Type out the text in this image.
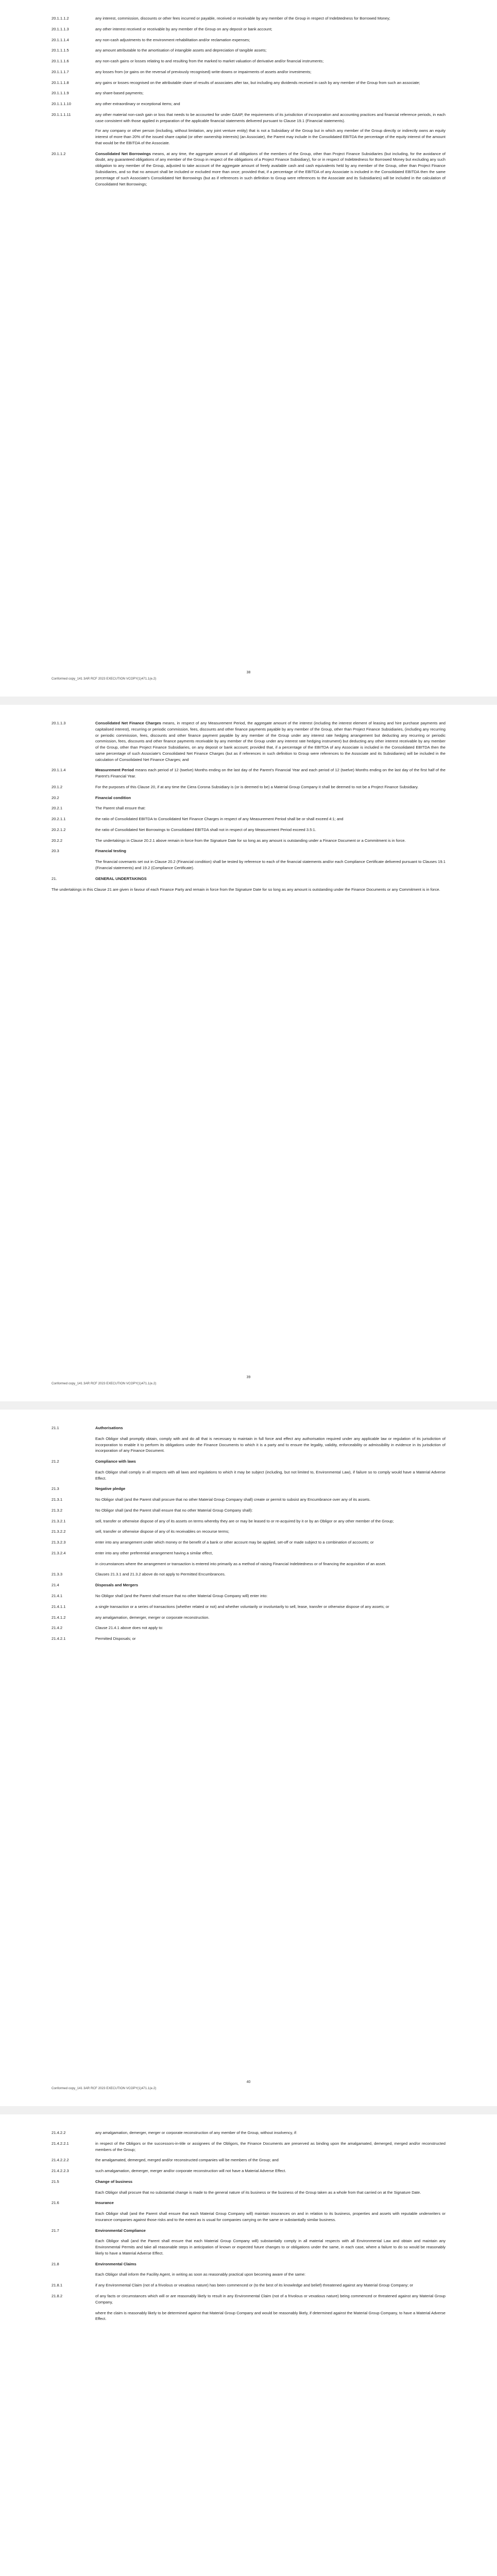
20.1.1.1.2	any interest, commission, discounts or other fees incurred or payable, received or receivable by any member of the Group in respect of Indebtedness for Borrowed Money;
20.1.1.1.3	any other interest received or receivable by any member of the Group on any deposit or bank account;
20.1.1.1.4	any non-cash adjustments to the environment rehabilitation and/or reclamation expenses;
20.1.1.1.5	any amount attributable to the amortisation of intangible assets and depreciation of tangible assets;
20.1.1.1.6	any non-cash gains or losses relating to and resulting from the marked to market valuation of derivative and/or financial instruments;
20.1.1.1.7	any losses from (or gains on the reversal of previously recognised) write-downs or impairments of assets and/or investments;
20.1.1.1.8	any gains or losses recognised on the attributable share of results of associates after tax, but including any dividends received in cash by any member of the Group from such an associate;
20.1.1.1.9	any share-based payments;
20.1.1.1.10	any other extraordinary or exceptional items; and
20.1.1.1.11	any other material non-cash gain or loss that needs to be accounted for under GAAP, the requirements of its jurisdiction of incorporation and accounting practices and financial reference periods, in each case consistent with those applied in preparation of the applicable financial statements delivered pursuant to Clause 19.1 (Financial statements).

For any company or other person (including, without limitation, any joint venture entity) that is not a Subsidiary of the Group but in which any member of the Group directly or indirectly owns an equity interest of more than 20% of the issued share capital (or other ownership interests) (an Associate), the Parent may include in the Consolidated EBITDA the percentage of the equity interest of the amount that would be the EBITDA of the Associate.

20.1.1.2	Consolidated Net Borrowings means, at any time, the aggregate amount of all obligations of the members of the Group, other than Project Finance Subsidiaries (but including, for the avoidance of doubt, any guaranteed obligations of any member of the Group in respect of the obligations of a Project Finance Subsidiary), for or in respect of Indebtedness for Borrowed Money but excluding any such obligation to any member of the Group, adjusted to take account of the aggregate amount of freely available cash and cash equivalents held by any member of the Group, other than Project Finance Subsidiaries, and so that no amount shall be included or excluded more than once; provided that, if a percentage of the EBITDA of any Associate is included in the Consolidated EBITDA then the same percentage of such Associate's Consolidated Net Borrowings (but as if references in such definition to Group were references to the Associate and its Subsidiaries) will be included in the calculation of Consolidated Net Borrowings;
38
Conformed copy_141 3AR RCF 2023 EXECUTION VCOPY(1)471.1(e.2)
20.1.1.3	Consolidated Net Finance Charges means, in respect of any Measurement Period, the aggregate amount of the interest (including the interest element of leasing and hire purchase payments and capitalised interest), recurring or periodic commission, fees, discounts and other finance payments payable by any member of the Group, other than Project Finance Subsidiaries, (including any recurring or periodic commission, fees, discounts and other finance payment payable by any member of the Group under any interest rate hedging arrangement but deducting any recurring or periodic commission, fees, discounts and other finance payments receivable by any member of the Group under any interest rate hedging instrument) but deducting any other interest receivable by any member of the Group, other than Project Finance Subsidiaries, on any deposit or bank account; provided that, if a percentage of the EBITDA of any Associate is included in the Consolidated EBITDA then the same percentage of such Associate's Consolidated Net Finance Charges (but as if references in such definition to Group were references to the Associate and its Subsidiaries) will be included in the calculation of Consolidated Net Finance Charges; and
20.1.1.4	Measurement Period means each period of 12 (twelve) Months ending on the last day of the Parent's Financial Year and each period of 12 (twelve) Months ending on the last day of the first half of the Parent's Financial Year.
20.1.2	For the purposes of this Clause 20, if at any time the Ciera Corona Subsidiary is (or is deemed to be) a Material Group Company it shall be deemed to not be a Project Finance Subsidiary.
20.2	Financial condition
20.2.1	The Parent shall ensure that:
20.2.1.1	the ratio of Consolidated EBITDA to Consolidated Net Finance Charges in respect of any Measurement Period shall be or shall exceed 4:1; and
20.2.1.2	the ratio of Consolidated Net Borrowings to Consolidated EBITDA shall not in respect of any Measurement Period exceed 3.5:1.
20.2.2	The undertakings in Clause 20.2.1 above remain in force from the Signature Date for so long as any amount is outstanding under a Finance Document or a Commitment is in force.
20.3	Financial testing
The financial covenants set out in Clause 20.2 (Financial condition) shall be tested by reference to each of the financial statements and/or each Compliance Certificate delivered pursuant to Clauses 19.1 (Financial statements) and 19.2 (Compliance Certificate).
21.	GENERAL UNDERTAKINGS
The undertakings in this Clause 21 are given in favour of each Finance Party and remain in force from the Signature Date for so long as any amount is outstanding under the Finance Documents or any Commitment is in force.
39
Conformed copy_141 3AR RCF 2023 EXECUTION VCOPY(1)471.1(e.2)
21.1	Authorisations
Each Obligor shall promptly obtain, comply with and do all that is necessary to maintain in full force and effect any authorisation required under any applicable law or regulation of its jurisdiction of incorporation to enable it to perform its obligations under the Finance Documents to which it is a party and to ensure the legality, validity, enforceability or admissibility in evidence in its jurisdiction of incorporation of any Finance Document.
21.2	Compliance with laws
Each Obligor shall comply in all respects with all laws and regulations to which it may be subject (including, but not limited to, Environmental Law), if failure so to comply would have a Material Adverse Effect.
21.3	Negative pledge
21.3.1	No Obligor shall (and the Parent shall procure that no other Material Group Company shall) create or permit to subsist any Encumbrance over any of its assets.
21.3.2	No Obligor shall (and the Parent shall ensure that no other Material Group Company shall):
21.3.2.1	sell, transfer or otherwise dispose of any of its assets on terms whereby they are or may be leased to or re-acquired by it or by an Obligor or any other member of the Group;
21.3.2.2	sell, transfer or otherwise dispose of any of its receivables on recourse terms;
21.3.2.3	enter into any arrangement under which money or the benefit of a bank or other account may be applied, set-off or made subject to a combination of accounts; or
21.3.2.4	enter into any other preferential arrangement having a similar effect,
in circumstances where the arrangement or transaction is entered into primarily as a method of raising Financial Indebtedness or of financing the acquisition of an asset.
21.3.3	Clauses 21.3.1 and 21.3.2 above do not apply to Permitted Encumbrances.
21.4	Disposals and Mergers
21.4.1	No Obligor shall (and the Parent shall ensure that no other Material Group Company will) enter into:
21.4.1.1	a single transaction or a series of transactions (whether related or not) and whether voluntarily or involuntarily to sell, lease, transfer or otherwise dispose of any assets; or
21.4.1.2	any amalgamation, demerger, merger or corporate reconstruction.
21.4.2	Clause 21.4.1 above does not apply to:
21.4.2.1	Permitted Disposals; or
40
Conformed copy_141 3AR RCF 2023 EXECUTION VCOPY(1)471.1(e.2)
21.4.2.2	any amalgamation, demerger, merger or corporate reconstruction of any member of the Group, without insolvency, if:
21.4.2.2.1	in respect of the Obligors or the successors-in-title or assignees of the Obligors, the Finance Documents are preserved as binding upon the amalgamated, demerged, merged and/or reconstructed members of the Group;
21.4.2.2.2	the amalgamated, demerged, merged and/or reconstructed companies will be members of the Group; and
21.4.2.2.3	such amalgamation, demerger, merger and/or corporate reconstruction will not have a Material Adverse Effect.
21.5	Change of business
Each Obligor shall procure that no substantial change is made to the general nature of its business or the business of the Group taken as a whole from that carried on at the Signature Date.
21.6	Insurance
Each Obligor shall (and the Parent shall ensure that each Material Group Company will) maintain insurances on and in relation to its business, properties and assets with reputable underwriters or insurance companies against those risks and to the extent as is usual for companies carrying on the same or substantially similar business.
21.7	Environmental Compliance
Each Obligor shall (and the Parent shall ensure that each Material Group Company will) substantially comply in all material respects with all Environmental Law and obtain and maintain any Environmental Permits and take all reasonable steps in anticipation of known or expected future changes to or obligations under the same, in each case, where a failure to do so would be reasonably likely to have a Material Adverse Effect.
21.8	Environmental Claims
Each Obligor shall inform the Facility Agent, in writing as soon as reasonably practical upon becoming aware of the same:
21.8.1	if any Environmental Claim (not of a frivolous or vexatious nature) has been commenced or (to the best of its knowledge and belief) threatened against any Material Group Company; or
21.8.2	of any facts or circumstances which will or are reasonably likely to result in any Environmental Claim (not of a frivolous or vexatious nature) being commenced or threatened against any Material Group Company,
where the claim is reasonably likely to be determined against that Material Group Company and would be reasonably likely, if determined against the Material Group Company, to have a Material Adverse Effect.
